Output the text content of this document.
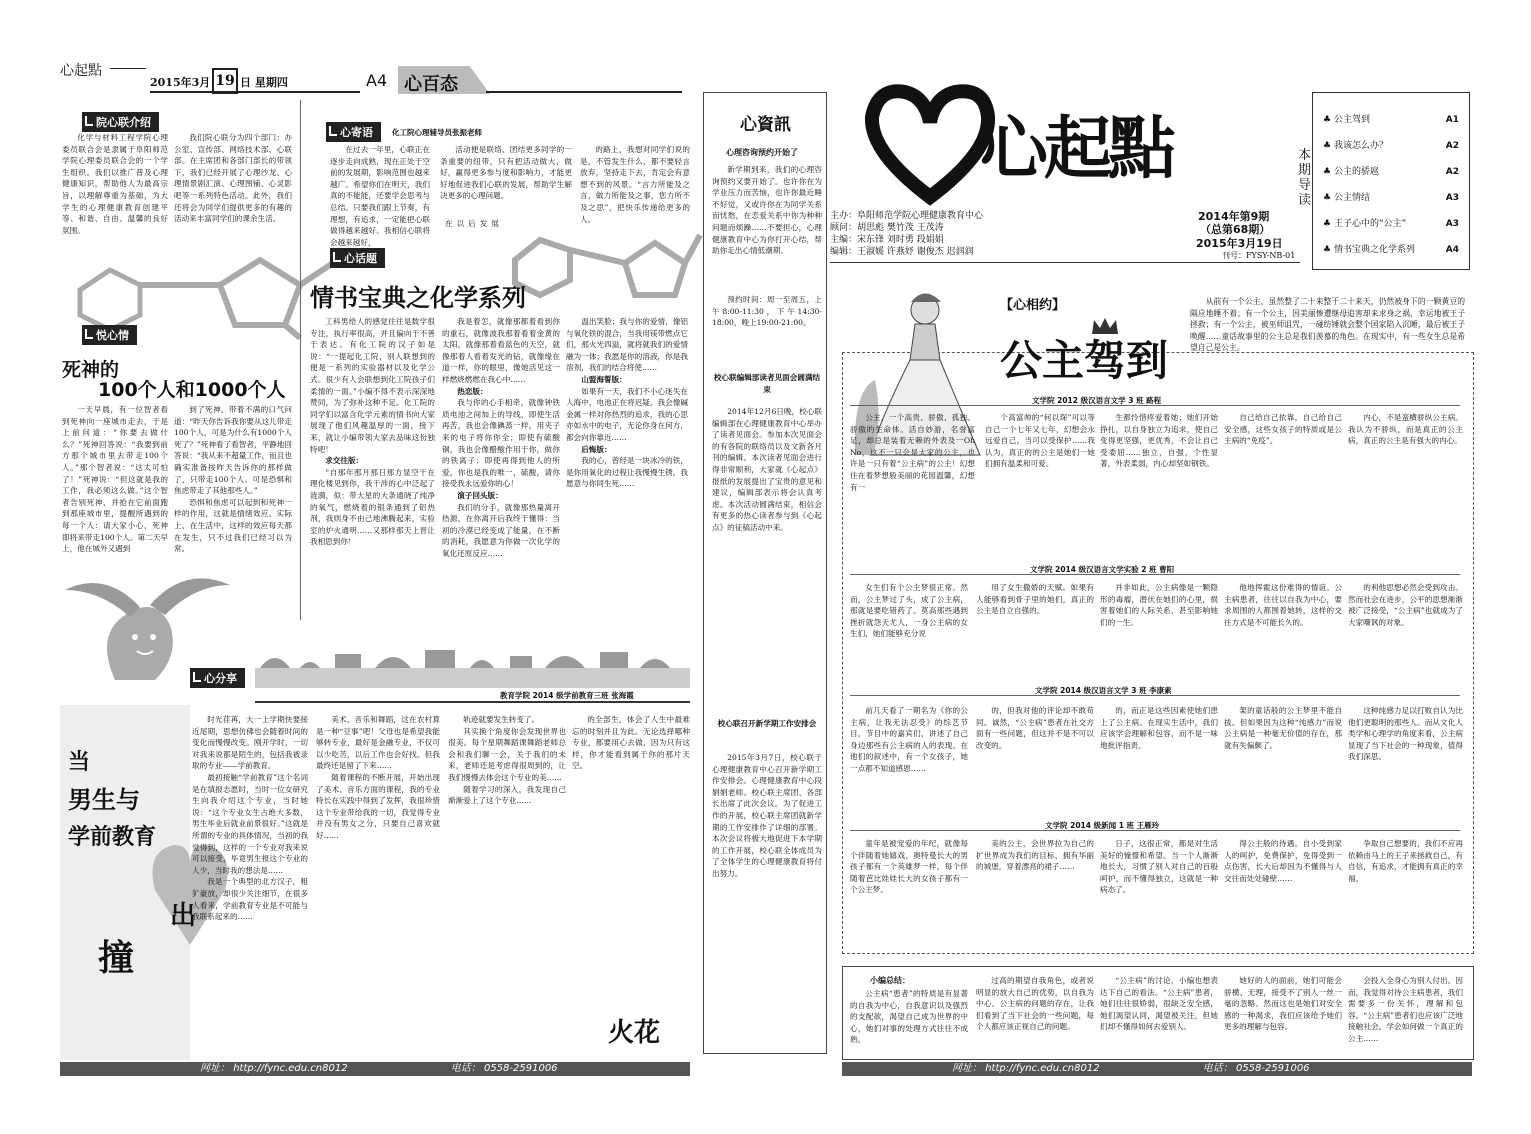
心起點
2015年3月 19 日 星期四	A4 心百态
院心联介绍

化学与材料工程学院心理委员联合会是隶属于阜阳师范学院心理委员联合会的一个学生组织。我们以推广普及心理健康知识，帮助他人为最高宗旨，以理解尊重为基础，为大学生的心理健康教育创建平等、和谐、自由、温馨的良好氛围。

我们院心联分为四个部门：办公室、宣传部、网络技术部、心联部。在主席团和各部门部长的带领下，我们已经开展了心理沙龙、心理情景剧汇演、心理图铺、心灵影吧等一系列特色活动。此外，我们还将会为同学们提供更多的有趣的活动来丰富同学们的课余生活。

悦心情
死神的
100个人和1000个人

一天早晨，有一位智者看到死神向一座城市走去，于是上前问道：“你要去做什么？”死神回答说：“我要到前方那个城市里去带走100个人。”那个智者说：“这太可怕了！”死神说：“但这就是我的工作，我必须这么做。”这个智者告别死神，并抢在它前面跑到那座城市里，提醒所遇到的每一个人：请大家小心，死神即将来带走100个人。第二天早上，他在城外又遇到

到了死神，带着不满的口气问道：“昨天你告诉我你要从这儿带走100个人，可是为什么有1000个人死了？”死神看了看智者，平静地回答说：“我从来不超量工作，而且也确实准备按昨天告诉你的那样做了，只带走100个人。可是恐惧和焦虑带走了其他那些人。”

恐惧和焦虑可以起到和死神一样的作用，这就是情绪效应。实际上，在生活中，这样的效应每天都在发生，只不过我们已经习以为常。

心寄语	化工院心理辅导员张振老师

在过去一年里，心联正在逐步走向成熟，现在正处于空前的发展期，影响范围也越来越广。希望你们在明天，我们真的不能能，还要学会思考与总结。只要我们跟上节奏，有理想，有追求，一定能把心联做得越来越好。我相信心联将会越来越好，

活动便是联络、团结更多同学的一条重要的纽带，只有把活动做大，做好，赢得更多参与度和影响力，才能更好地促进我们心联的发展，帮助学生解决更多的心理问题。

的路上，我想对同学们说的是，不管发生什么，都不要轻言放弃，坚持走下去，肯定会有意想不到的风景。“言力所能及之言，做力所能及之事，您力所不及之思”，把快乐传递给更多的人。

在以后发展
心话题
情书宝典之化学系列

工科男给人的感觉往往是数学很专注，执行率很高，并且偏向于不善于表达。有化工院的汉子如是说：“一提起化工院，别人联想到的便是一系列的实验器材以及化学公式。很少有人会联想到化工院孩子们柔情的一面。”小编不得不表示深深地赞同，为了弥补这种不足。化工院的同学们以富含化学元素的情书向大家展现了他们风趣温厚的一面，接下来，就让小编带领大家去品味这份独特吧！

求交往版：

“自那年那月那日那方显空干在理化楼见到你，我干涉的心中泛起了涟漪，似：带大星的大条通晓了纯净的氧气，燃烧着的银条通到了铝热剂，我则身不由己地沸腾起来，实验室的炉火通明……又那样那天上晋让我相思到你！

我是着怎，就像那都着看到你的重石，就像波我那着看着金黄的太阳，就像那着看蓝色的天空，就像那着人看着发光的钻，就像缘在道一样，你的眼里，像她活见这一样燃烧燃燃在我心中……

热恋版：

我与你的心手相牵，就像钟铁质电池之间加上的导线，即使生活再苦，我也会像碘蒸一样，用夹子来的电子将你你全；即使有硫酸铜，我也会像醋酸作用于你，做你的铁离子；即使再得到他人的所爱，你也是我的唯一，硫酸，请你接受我永远爱你的心！

演子回头版：

我们的分手，就像那热量离开热源，在你离开后我终于懂得：当初的冷漠已经变成了能量，在不断的消耗，我愿意为你做一次化学的氧化还原反应……

温出笑脸；我与你的爱情，像铝与氧化铁的混合，当我用镁带燃点它们，那火光四溢，就将就我们的爱情融为一体；我愿是你的溶液，你是我溶剂，我们的结合将使……

山盟海誓版：

如果有一天，我们不小心迷失在人海中，电池正在将迟疑，我会像碱金属一样对你热烈的追求，我的心思亦如水中的电子，无论你身在何方，都会向你靠近……

后悔版：

我的心，曾经是一块冰冷的铁，是你用氧化的过程让我慢慢生锈，我愿意与你同生死……

心分享
教育学院 2014 级学前教育三班 张海霞
当
男生与
学前教育
出
撞
火花

时光荏苒，大一上学期快要接近尾期，思想仿佛也会随着时间的变化而慢慢改变。刚开学时，一切对我来说都是陌生的，包括我被录取的专业——学前教育。

最初接触“学前教育”这个名词是在填报志愿时，当时一位女研究生向我介绍这个专业，当时她说：“这个专业女生占绝大多数，男生毕业后就业前景很好。”这就是所谓的专业的具体情况，当初的我觉得到，这样的一个专业对我来说可以接受，毕竟男生报这个专业的人少，当时我的想法是……

我是一个典型的北方汉子，粗犷豪放，却很少关注细节，在很多人看来，学前教育专业是不可能与我联系起来的……

美术、音乐和舞蹈，这在农村算是一种“豆事”吧！父母也是希望我能够转专业，最好是金融专业，不仅可以少吃苦，以后工作也会好找。但我最终还是留了下来……

随着课程的不断开展，开始出现了美术、音乐方面的课程，我的专业特长在实践中得到了发挥，我很珍惜这个专业带给我的一切，我觉得专业并没有男女之分，只要自己喜欢就好……

轨迹就要发生转变了。

其实换个角度你会发现世界也很美。每个星期舞蹈课舞蹈老师总会和我们聊一会，关于我们的未来，老师还是考虑得很周到的，让我们慢慢去体会这个专业的美……

随着学习的深入，我发现自己渐渐爱上了这个专业……

的全部生，体会了人生中最难忘的时刻并且为此。无论选择哪种专业，都要用心去做，因为只有这样，你才能看到属于你的那片天空。

网址： http://fync.edu.cn8012	电话： 0558-2591006
心資訊
心理咨询预约开始了

新学期到来，我们的心理咨询预约又要开始了。也许你在为学业压力而苦恼，也许你最近睡不好觉，又或许你在为同学关系而忧愁，在恋爱关系中你为种种问题而烦躁……不要担心，心理健康教育中心为你打开心结，帮助你走出心情低潮期。

预约时间：周一至周五，上午8:00-11:30，下午14:30-18:00，晚上19:00-21:00。

校心联编辑部读者见面会圆满结束

2014年12月6日晚，校心联编辑部在心理健康教育中心举办了读者见面会。参加本次见面会的有各院的联络员以及文新各月刊的编辑。本次读者见面会进行得非常顺利，大家就《心起点》报纸的发展提出了宝贵的意见和建议，编辑部表示将会认真考虑。本次活动圆满结束，相信会有更多的热心读者参与到《心起点》的征稿活动中来。

校心联召开新学期工作安排会

2015年3月7日，校心联于心理健康教育中心召开新学期工作安排会。心理健康教育中心段娟娟老师、校心联主席团、各部长出席了此次会议。为了促进工作的开展，校心联主席团就新学期的工作安排作了详细的部署。本次会议将极大地促进下本学期的工作开展，校心联全体成员为了全体学生的心理健康教育将付出努力。

心起點	本期导读
主办：阜阳师范学院心理健康教育中心
顾问：胡思彪 樊竹茂 王茂涛
主编：宋东锋 刘时勇 段娟娟
编辑：王淑媛 许燕妤 谢俊杰 迟润润
2014年第9期
（总第68期）
2015年3月19日
刊号：FYSY-NB-01
♣ 公主驾到	A1
♣ 我该怎么办？	A2
♣ 公主的骄扈	A2
♣ 公主情结	A3
♣ 王子心中的“公主”	A3
♣ 情书宝典之化学系列	A4
【心相约】
公主驾到

从前有一个公主，虽然整了二十来整于二十来天，仍然被身下的一颗黄豆的隔应地睡不着；有一个公主，因美丽惨遭继母追害却来求身之祸，幸运地被王子拯救；有一个公主，被巫师诅咒，一碰纺锤就会整个国家陷入沉睡，最后被王子唤醒……童话故事里的公主总是我们羡慕的角色。在现实中，有一些女生总是希望自己是公主。

文学院 2012 级汉语言文学 3 班 路程

公主，一个高贵、骄傲、孤独、骄傲的生命体。活自妙游，名誉富足，却总是装着无赖的外表及一Oh No，这不一只会是大家的公主，也许是一只有着“公主病”的公主！幻想往在着梦想般美丽的花园温馨，幻想有一

个高富帅的“何以琛”可以等自己一个七年又七年，幻想会永远爱自己，当可以受保护……我认为，真正的的公主是她们一她们拥有温柔和可爱。

生都怜惜疼爱着她；她们开始挣扎，以自身独立为追求，使自己变得更坚强，更优秀，不会让自己受委屈……独立，自强，个性显著，外表柔弱，内心却坚如钢铁。

自己给自己依靠，自己给自己安全感，这些女孩子的特质或是公主病的“免疫”。

内心，不是蛮横骄纵公主病。我认为不骄纵，而是真正的公主病，真正的公主是有强大的内心。

文学院 2014 级汉语言文学实验 2 班 曹阳

女生们有个公主梦很正常。然而，公主梦过了头，成了公主病，那就是要吃错药了。莫高那些遇到挫折就怨天尤人，一身公主病的女生们，她们能够充分说

用了女生撒娇的天赋。如果有人能够看到骨子里的她们，真正的公主是自立自强的。

并非如此，公主病像是一颗隐形的毒瘤，潜伏在她们的心里，损害着她们的人际关系，甚至影响她们的一生。

他地挥霍这份难得的情谊。公主病患者，往往以自我为中心，要求周围的人都围着她转，这样的交往方式是不可能长久的。

的利他思想必然会受到攻击。然而社会在进步，公平的思想渐渐被广泛接受，“公主病”也就成为了大家嘲讽的对象。

文学院 2014 级汉语言文学 3 班 李康素

前几天看了一期名为《你的公主病，让我无法忍受》的综艺节目，节目中的嘉宾们，讲述了自己身边那些有公主病的人的表现。在他们的叙述中，有一个女孩子，她一点都不知道感恩……

的，但我对他的评论却不敢苟同。诚然，“公主病”患者在社交方面有一些问题，但这并不是不可以改变的。

的，而正是这些因素使她们患上了公主病。在现实生活中，我们应该学会理解和包容，而不是一味地批评指责。

架的童话般的公主梦里不能自拔。但如果因为这种“纯感力”而说公主病是一种毫无价值的存在，那就有失偏颇了。

这种纯感力足以打败自认为比他们更聪明的那些人。而从文化人类学和心理学的角度来看，公主病显现了当下社会的一种现象，值得我们深思。

文学院 2014 级新闻 1 班 王雁玲

童年是被宠爱的年纪，就像每个伴随着她嬉戏、奥特曼长大的男孩子都有一个英雄梦一样，每个伴随着芭比娃娃长大的女孩子都有一个公主梦。

美的公主，会世界拉为自己的扩世界成为我们的目标，拥有华丽的城堡，穿着漂亮的裙子……

日子，这很正常，都是对生活美好的憧憬和希望。当一个人渐渐地长大，习惯了别人对自己的百般呵护，而不懂得独立，这就是一种病态了。

得公主般的待遇。自小受到家人的呵护，免费保护，免得受到一点伤害，长大后却因为不懂得与人交往而处处碰壁……

争取自己想要的，我们不应再依赖由马上的王子来拯救自己，有自信，有追求，才能拥有真正的幸福。

小编总结：

公主病“患者”的特质是有显著的自我为中心，自我意识以及强烈的支配欲，渴望自己成为世界的中心，她们对事的处理方式往往不成熟。

过高的期望自我角色，或者说明显的放大自己的优势，以自我为中心。公主病的问题的存在，让我们看到了当下社会的一些问题，每个人都应该正视自己的问题。

“公主病”的讨论，小编也想表达下自己的看法。“公主病”患者，她们往往很娇弱，很缺乏安全感，她们渴望认同，渴望被关注，但她们却不懂得如何去爱别人。

她好的人的面前，她们可能会骄横、无理，接受不了别人一丝一毫的忽略。然而这也是她们对安全感的一种渴求，我们应该给予她们更多的理解与包容。

会投入全身心为别人付出。因而，我觉得对待公主病患者，我们需要多一份关怀，理解和包容。“公主病”患者们也应该广泛地接触社会，学会如何做一个真正的公主……

网址： http://fync.edu.cn8012	电话： 0558-2591006
